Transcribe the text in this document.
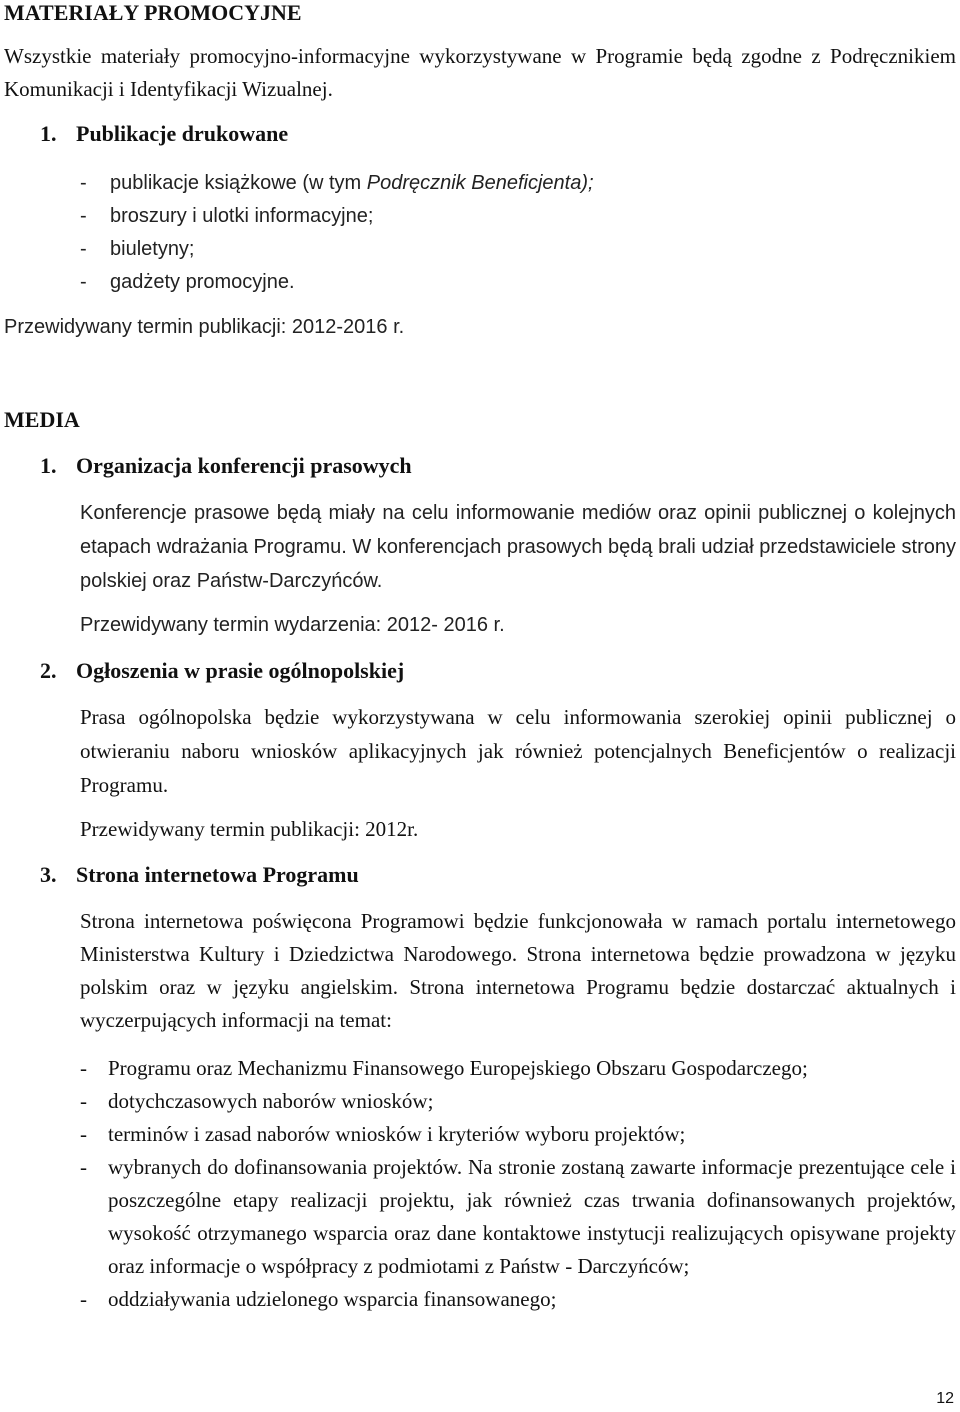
MATERIAŁY PROMOCYJNE
Wszystkie materiały promocyjno-informacyjne wykorzystywane w Programie będą zgodne z Podręcznikiem Komunikacji i Identyfikacji Wizualnej.
1. Publikacje drukowane
- publikacje książkowe (w tym Podręcznik Beneficjenta);
- broszury i ulotki informacyjne;
- biuletyny;
- gadżety promocyjne.
Przewidywany termin publikacji: 2012-2016 r.
MEDIA
1. Organizacja konferencji prasowych
Konferencje prasowe będą miały na celu informowanie mediów oraz opinii publicznej o kolejnych etapach wdrażania Programu. W konferencjach prasowych będą brali udział przedstawiciele strony polskiej oraz Państw-Darczyńców.
Przewidywany termin wydarzenia: 2012- 2016 r.
2. Ogłoszenia w prasie ogólnopolskiej
Prasa ogólnopolska będzie wykorzystywana w celu informowania szerokiej opinii publicznej o otwieraniu naboru wniosków aplikacyjnych jak również potencjalnych Beneficjentów o realizacji Programu.
Przewidywany termin publikacji: 2012r.
3. Strona internetowa Programu
Strona internetowa poświęcona Programowi będzie funkcjonowała w ramach portalu internetowego Ministerstwa Kultury i Dziedzictwa Narodowego. Strona internetowa będzie prowadzona w języku polskim oraz w języku angielskim. Strona internetowa Programu będzie dostarczać aktualnych i wyczerpujących informacji na temat:
- Programu oraz Mechanizmu Finansowego Europejskiego Obszaru Gospodarczego;
- dotychczasowych naborów wniosków;
- terminów i zasad naborów wniosków i kryteriów wyboru projektów;
- wybranych do dofinansowania projektów. Na stronie zostaną zawarte informacje prezentujące cele i poszczególne etapy realizacji projektu, jak również czas trwania dofinansowanych projektów, wysokość otrzymanego wsparcia oraz dane kontaktowe instytucji realizujących opisywane projekty oraz informacje o współpracy z podmiotami z Państw - Darczyńców;
- oddziaływania udzielonego wsparcia finansowanego;
12
